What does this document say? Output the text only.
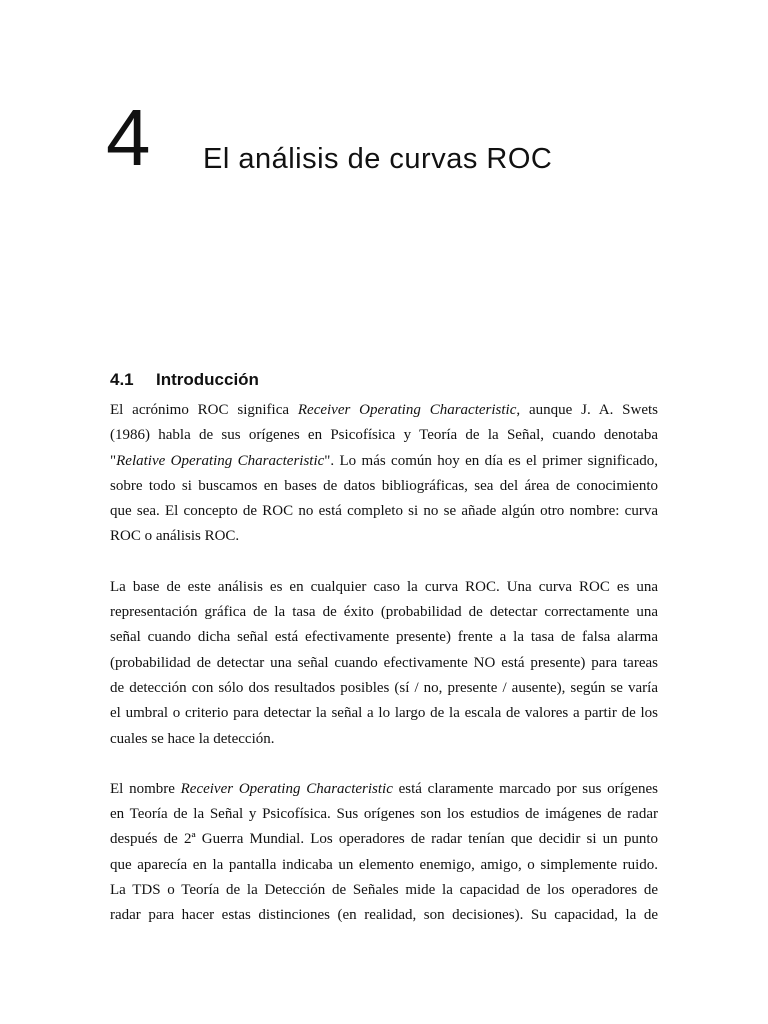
4 El análisis de curvas ROC
4.1 Introducción

El acrónimo ROC significa Receiver Operating Characteristic, aunque J. A. Swets
(1986) habla de sus orígenes en Psicofísica y Teoría de la Señal, cuando denotaba
"Relative Operating Characteristic". Lo más común hoy en día es el primer significado,
sobre todo si buscamos en bases de datos bibliográficas, sea del área de conocimiento
que sea. El concepto de ROC no está completo si no se añade algún otro nombre: curva
ROC o análisis ROC.

La base de este análisis es en cualquier caso la curva ROC. Una curva ROC es una
representación gráfica de la tasa de éxito (probabilidad de detectar correctamente una
señal cuando dicha señal está efectivamente presente) frente a la tasa de falsa alarma
(probabilidad de detectar una señal cuando efectivamente NO está presente) para tareas
de detección con sólo dos resultados posibles (sí / no, presente / ausente), según se varía
el umbral o criterio para detectar la señal a lo largo de la escala de valores a partir de los
cuales se hace la detección.

El nombre Receiver Operating Characteristic está claramente marcado por sus orígenes
en Teoría de la Señal y Psicofísica. Sus orígenes son los estudios de imágenes de radar
después de 2ª Guerra Mundial. Los operadores de radar tenían que decidir si un punto
que aparecía en la pantalla indicaba un elemento enemigo, amigo, o simplemente ruido.
La TDS o Teoría de la Detección de Señales mide la capacidad de los operadores de
radar para hacer estas distinciones (en realidad, son decisiones). Su capacidad, la de
